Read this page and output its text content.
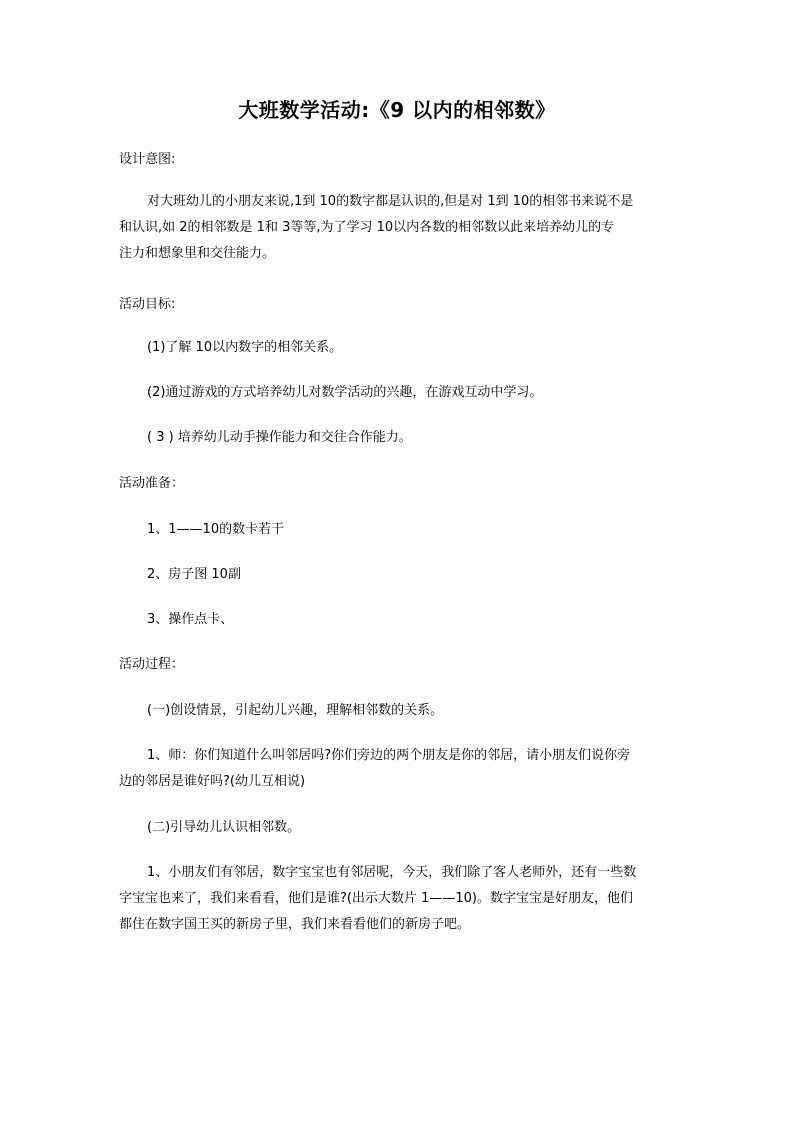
大班数学活动:《9 以内的相邻数》

设计意图:

对大班幼儿的小朋友来说,1到 10的数字都是认识的,但是对 1到 10的相邻书来说不是

和认识,如 2的相邻数是 1和 3等等,为了学习 10以内各数的相邻数以此来培养幼儿的专

注力和想象里和交往能力。

活动目标:

(1)了解 10以内数字的相邻关系。

(2)通过游戏的方式培养幼儿对数学活动的兴趣，在游戏互动中学习。

( 3 ) 培养幼儿动手操作能力和交往合作能力。

活动准备：

1、1——10的数卡若干

2、房子图 10副

3、操作点卡、

活动过程：

(一)创设情景，引起幼儿兴趣，理解相邻数的关系。

1、师：你们知道什么叫邻居吗?你们旁边的两个朋友是你的邻居，请小朋友们说你旁

边的邻居是谁好吗?(幼儿互相说)

(二)引导幼儿认识相邻数。

1、小朋友们有邻居，数字宝宝也有邻居呢，今天，我们除了客人老师外，还有一些数

字宝宝也来了，我们来看看，他们是谁?(出示大数片 1——10)。数字宝宝是好朋友，他们

都住在数字国王买的新房子里，我们来看看他们的新房子吧。
